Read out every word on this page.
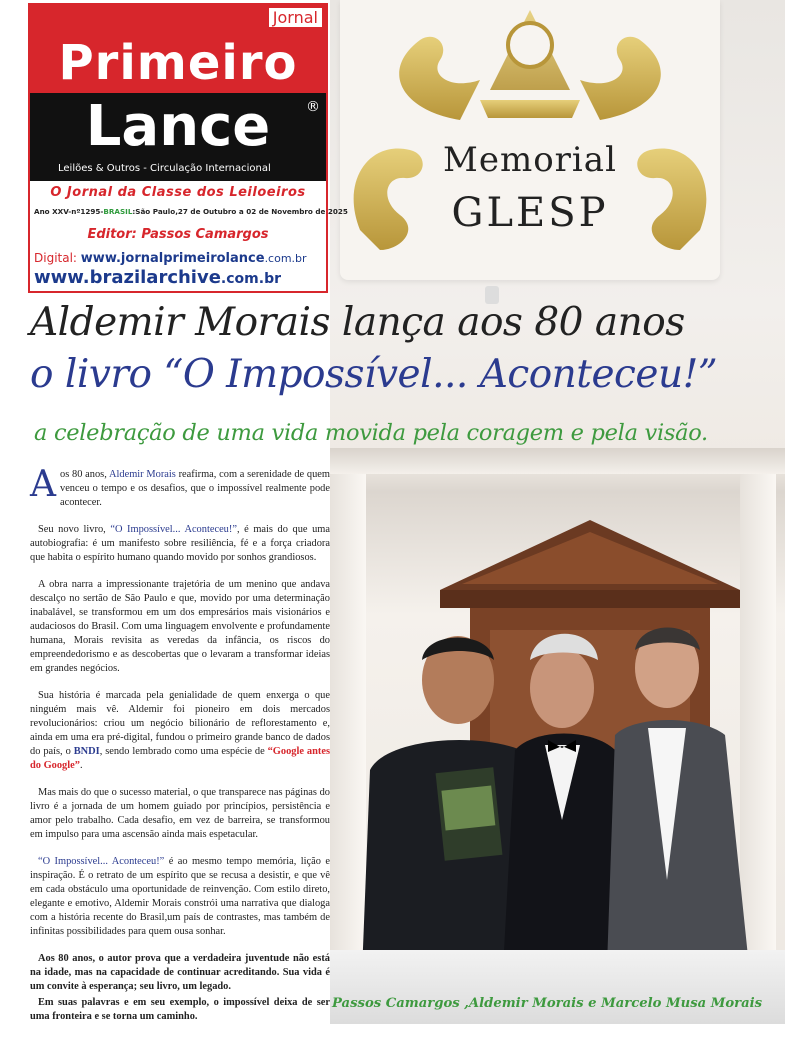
Memorial
GLESP
Jornal
Primeiro
Lance	®
Leilões & Outros - Circulação Internacional
O Jornal da Classe dos Leiloeiros
Ano XXV-nº1295-BRASIL:São Paulo,27 de Outubro a 02 de Novembro de 2025
Editor: Passos Camargos
Digital: www.jornalprimeirolance.com.br
www.brazilarchive.com.br
Aldemir Morais lança aos 80 anos
o livro “O Impossível... Aconteceu!”
a celebração de uma vida movida pela coragem e pela visão.

Aos 80 anos, Aldemir Morais reafirma, com a serenidade de quem venceu o tempo e os desafios, que o impossível realmente pode acontecer.

Seu novo livro, “O Impossível... Aconteceu!”, é mais do que uma autobiografia: é um manifesto sobre resiliência, fé e a força criadora que habita o espírito humano quando movido por sonhos grandiosos.

A obra narra a impressionante trajetória de um menino que andava descalço no sertão de São Paulo e que, movido por uma determinação inabalável, se transformou em um dos empresários mais visionários e audaciosos do Brasil. Com uma linguagem envolvente e profundamente humana, Morais revisita as veredas da infância, os riscos do empreendedorismo e as descobertas que o levaram a transformar ideias em grandes negócios.

Sua história é marcada pela genialidade de quem enxerga o que ninguém mais vê. Aldemir foi pioneiro em dois mercados revolucionários: criou um negócio bilionário de reflorestamento e, ainda em uma era pré-digital, fundou o primeiro grande banco de dados do país, o BNDI, sendo lembrado como uma espécie de “Google antes do Google”.

Mas mais do que o sucesso material, o que transparece nas páginas do livro é a jornada de um homem guiado por princípios, persistência e amor pelo trabalho. Cada desafio, em vez de barreira, se transformou em impulso para uma ascensão ainda mais espetacular.

“O Impossível... Aconteceu!” é ao mesmo tempo memória, lição e inspiração. É o retrato de um espírito que se recusa a desistir, e que vê em cada obstáculo uma oportunidade de reinvenção. Com estilo direto, elegante e emotivo, Aldemir Morais constrói uma narrativa que dialoga com a história recente do Brasil,um país de contrastes, mas também de infinitas possibilidades para quem ousa sonhar.

Aos 80 anos, o autor prova que a verdadeira juventude não está na idade, mas na capacidade de continuar acreditando. Sua vida é um convite à esperança; seu livro, um legado.

Em suas palavras e em seu exemplo, o impossível deixa de ser uma fronteira e se torna um caminho.

Passos Camargos ,Aldemir Morais e Marcelo Musa Morais
